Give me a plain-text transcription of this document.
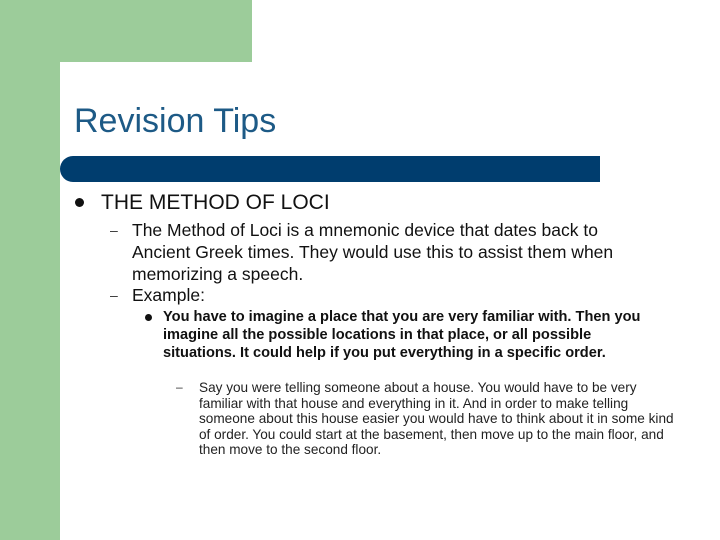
Revision Tips
THE METHOD OF LOCI
– The Method of Loci is a mnemonic device that dates back to Ancient Greek times. They would use this to assist them when memorizing a speech.

– Example:

You have to imagine a place that you are very familiar with. Then you imagine all the possible locations in that place, or all possible situations. It could help if you put everything in a specific order.

– Say you were telling someone about a house. You would have to be very familiar with that house and everything in it. And in order to make telling someone about this house easier you would have to think about it in some kind of order. You could start at the basement, then move up to the main floor, and then move to the second floor.
